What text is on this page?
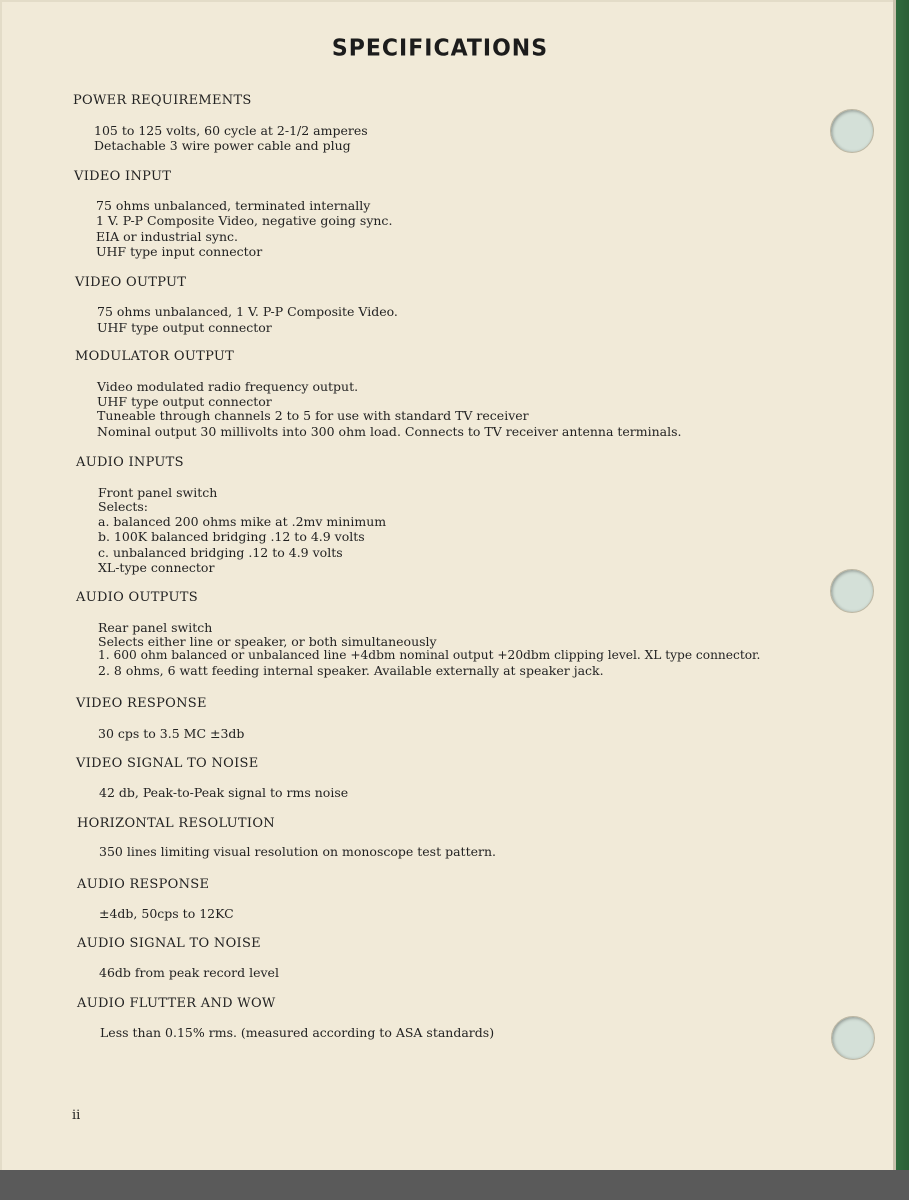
SPECIFICATIONS
POWER REQUIREMENTS
105 to 125 volts, 60 cycle at 2-1/2 amperes
Detachable 3 wire power cable and plug
VIDEO INPUT
75 ohms unbalanced, terminated internally
1 V. P-P Composite Video, negative going sync.
EIA or industrial sync.
UHF type input connector
VIDEO OUTPUT
75 ohms unbalanced, 1 V. P-P Composite Video.
UHF type output connector
MODULATOR OUTPUT
Video modulated radio frequency output.
UHF type output connector
Tuneable through channels 2 to 5 for use with standard TV receiver
Nominal output 30 millivolts into 300 ohm load. Connects to TV receiver antenna terminals.
AUDIO INPUTS
Front panel switch
Selects:
a. balanced 200 ohms mike at .2mv minimum
b. 100K balanced bridging .12 to 4.9 volts
c. unbalanced bridging .12 to 4.9 volts
XL-type connector
AUDIO OUTPUTS
Rear panel switch
Selects either line or speaker, or both simultaneously
1. 600 ohm balanced or unbalanced line +4dbm nominal output +20dbm clipping level. XL type connector.
2. 8 ohms, 6 watt feeding internal speaker. Available externally at speaker jack.
VIDEO RESPONSE
30 cps to 3.5 MC ±3db
VIDEO SIGNAL TO NOISE
42 db, Peak-to-Peak signal to rms noise
HORIZONTAL RESOLUTION
350 lines limiting visual resolution on monoscope test pattern.
AUDIO RESPONSE
±4db, 50cps to 12KC
AUDIO SIGNAL TO NOISE
46db from peak record level
AUDIO FLUTTER AND WOW
Less than 0.15% rms. (measured according to ASA standards)
ii
